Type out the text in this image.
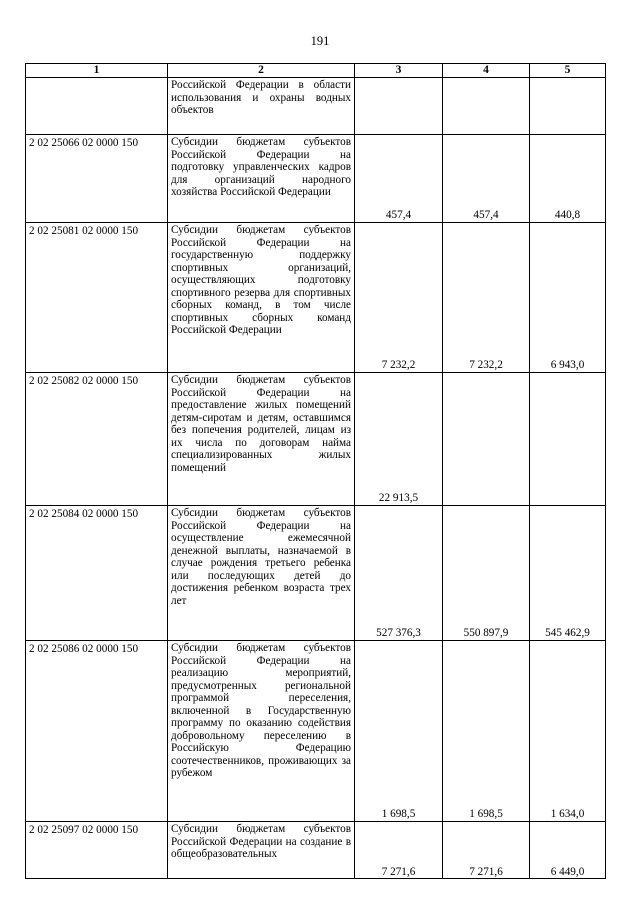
191
1	2	3	4	5
	Российской Федерации в области использования и охраны водных объектов			
2 02 25066 02 0000 150	Субсидии бюджетам субъектов Российской Федерации на подготовку управленческих кадров для организаций народного хозяйства Российской Федерации	457,4	457,4	440,8
2 02 25081 02 0000 150	Субсидии бюджетам субъектов Российской Федерации на государственную поддержку спортивных организаций, осуществляющих подготовку спортивного резерва для спортивных сборных команд, в том числе спортивных сборных команд Российской Федерации	7 232,2	7 232,2	6 943,0
2 02 25082 02 0000 150	Субсидии бюджетам субъектов Российской Федерации на предоставление жилых помещений детям-сиротам и детям, оставшимся без попечения родителей, лицам из их числа по договорам найма специализированных жилых помещений	22 913,5		
2 02 25084 02 0000 150	Субсидии бюджетам субъектов Российской Федерации на осуществление ежемесячной денежной выплаты, назначаемой в случае рождения третьего ребенка или последующих детей до достижения ребенком возраста трех лет	527 376,3	550 897,9	545 462,9
2 02 25086 02 0000 150	Субсидии бюджетам субъектов Российской Федерации на реализацию мероприятий, предусмотренных региональной программой переселения, включенной в Государственную программу по оказанию содействия добровольному переселению в Российскую Федерацию соотечественников, проживающих за рубежом	1 698,5	1 698,5	1 634,0
2 02 25097 02 0000 150	Субсидии бюджетам субъектов Российской Федерации на создание в общеобразовательных	7 271,6	7 271,6	6 449,0
